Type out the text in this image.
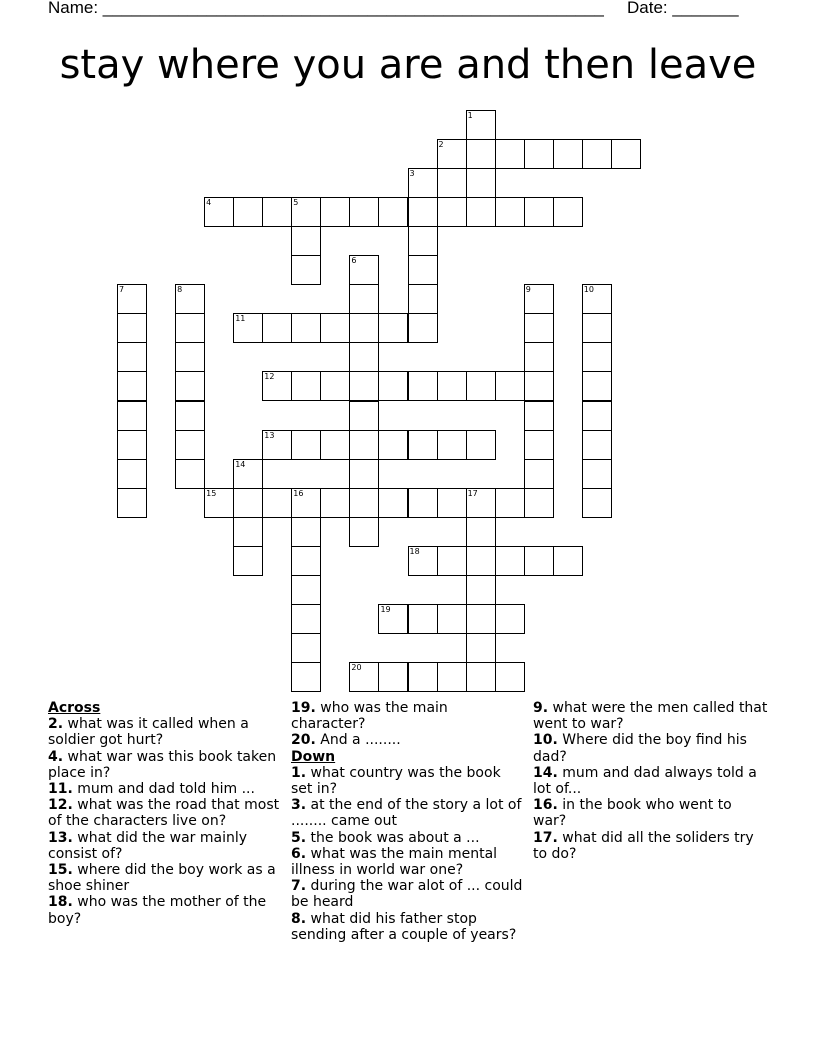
Name: _____________________________________________________ Date: _______
stay where you are and then leave
1
2
3
4	5
6
7	8	9	10
11
12
13
14
15	16	17
18
19
20
Across
2. what was it called when a soldier got hurt?
4. what war was this book taken place in?
11. mum and dad told him ...
12. what was the road that most of the characters live on?
13. what did the war mainly consist of?
15. where did the boy work as a shoe shiner
18. who was the mother of the boy?
19. who was the main character?
20. And a ........
Down
1. what country was the book set in?
3. at the end of the story a lot of ........ came out
5. the book was about a ...
6. what was the main mental illness in world war one?
7. during the war alot of ... could be heard
8. what did his father stop sending after a couple of years?
9. what were the men called that went to war?
10. Where did the boy find his dad?
14. mum and dad always told a lot of...
16. in the book who went to war?
17. what did all the soliders try to do?
